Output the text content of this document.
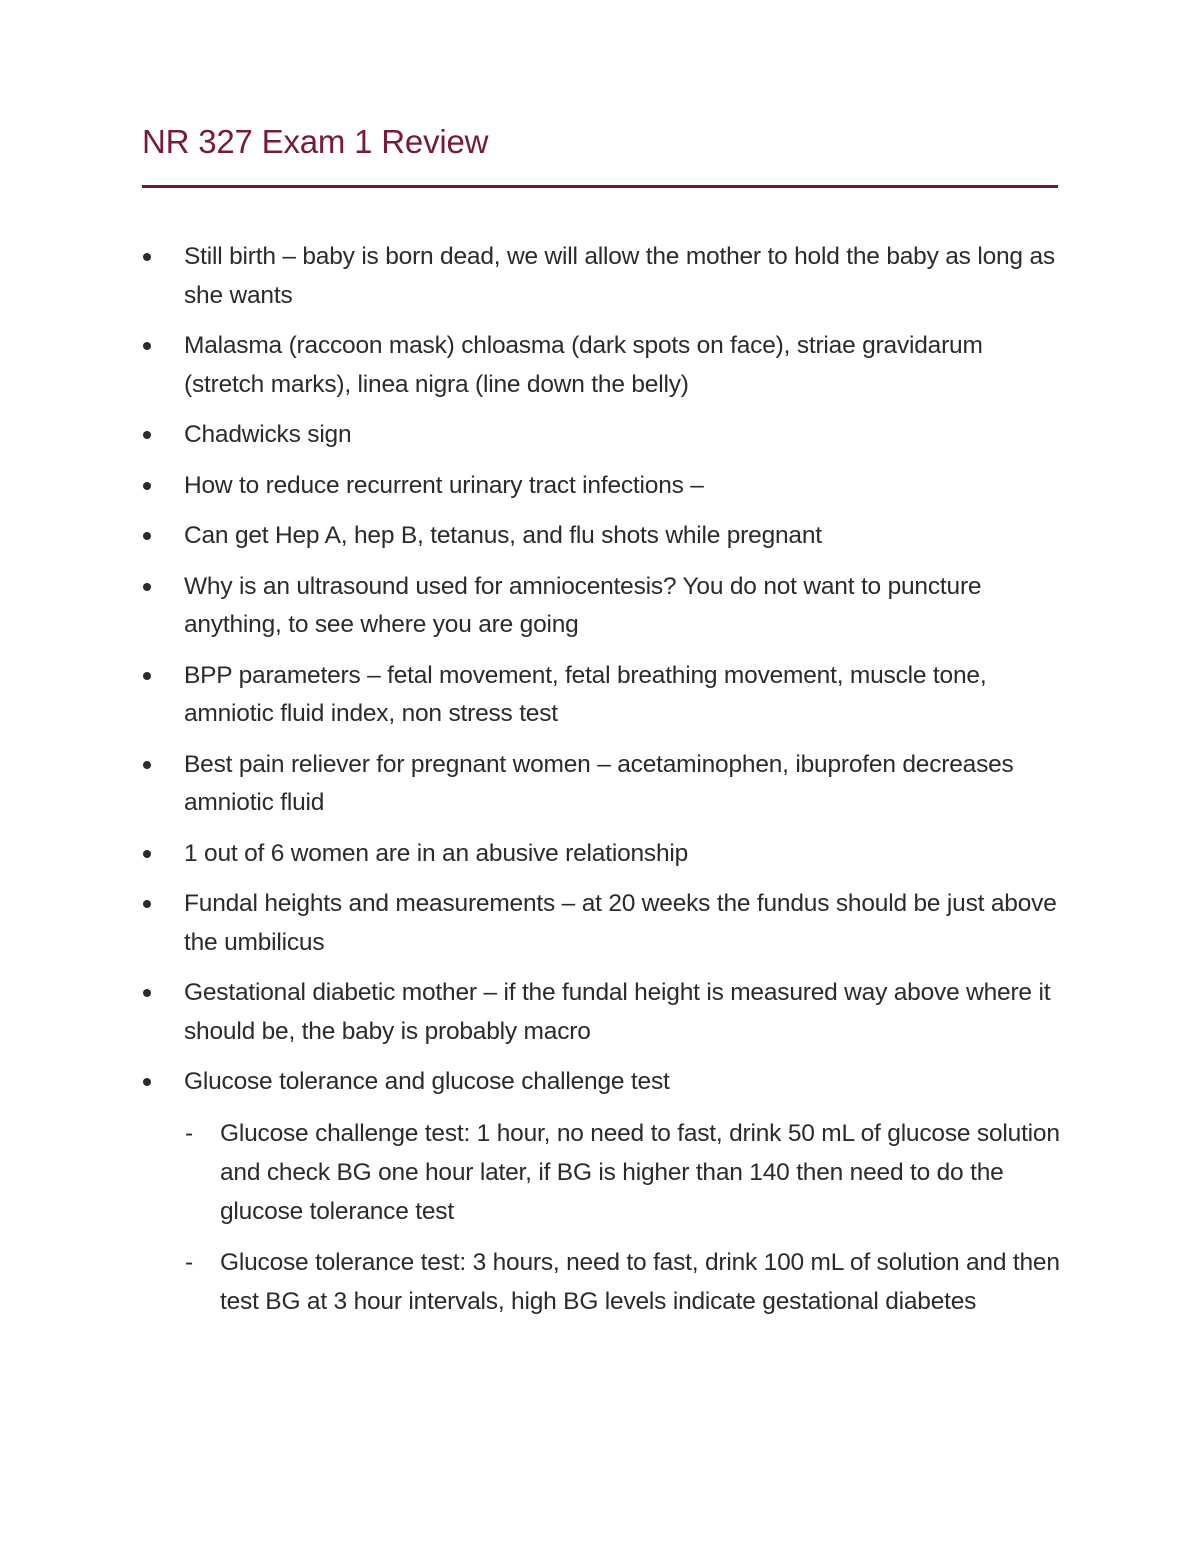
NR 327 Exam 1 Review
Still birth – baby is born dead, we will allow the mother to hold the baby as long as she wants
Malasma (raccoon mask) chloasma (dark spots on face), striae gravidarum (stretch marks), linea nigra (line down the belly)
Chadwicks sign
How to reduce recurrent urinary tract infections –
Can get Hep A, hep B, tetanus, and flu shots while pregnant
Why is an ultrasound used for amniocentesis? You do not want to puncture anything, to see where you are going
BPP parameters – fetal movement, fetal breathing movement, muscle tone, amniotic fluid index, non stress test
Best pain reliever for pregnant women – acetaminophen, ibuprofen decreases amniotic fluid
1 out of 6 women are in an abusive relationship
Fundal heights and measurements – at 20 weeks the fundus should be just above the umbilicus
Gestational diabetic mother – if the fundal height is measured way above where it should be, the baby is probably macro
Glucose tolerance and glucose challenge test
- Glucose challenge test: 1 hour, no need to fast, drink 50 mL of glucose solution and check BG one hour later, if BG is higher than 140 then need to do the glucose tolerance test
- Glucose tolerance test: 3 hours, need to fast, drink 100 mL of solution and then test BG at 3 hour intervals, high BG levels indicate gestational diabetes
